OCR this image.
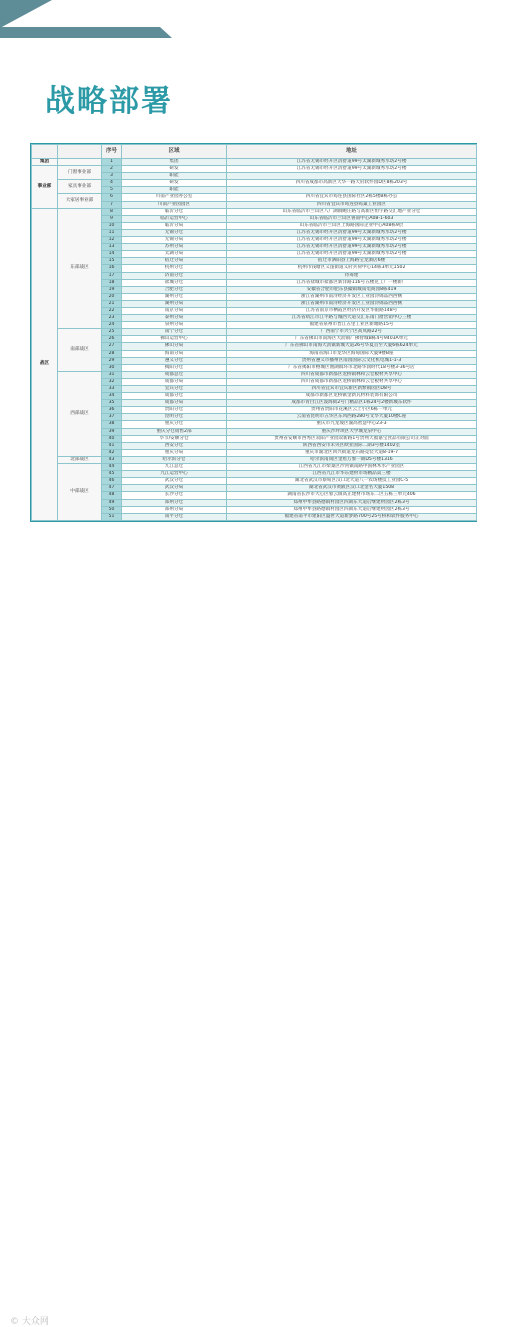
战略部署
		序号	区域	地址
集团		1	集团	江苏省无锡市经开区清舒道99号太湖新城秀水坊2号楼
事业部	门窗事业部	2	研发	江苏省无锡市经开区清舒道99号太湖新城秀水坊2号楼
		3	职能	
	家具事业部	4	研发	四川省成都市高新区天华一路天府软件园D区8栋203号
		5	职能	
	大家居事业部	6	川南产业园办公室	四川省宜宾市筠连县国际社区2栋5楼B栋办公
		7	川南产业园园区	四川省宜宾市筠连县筠巢工业园区
战区	东部战区	8	临沂分仓	山东省临沂市兰山区八厂湖镇鲍庄路与高新区恒宇路交汇地产业分仓
		9	临沂运营中心	山东省临沂市兰山区鲁南中心A08-1-603
		10	临沂分局	山东省临沂市兰山区上海路国际企业中心A08栋9层
		11	无锡分仓	江苏省无锡市经开区清舒道99号太湖新城秀水坊2号楼
		12	无锡分局	江苏省无锡市经开区清舒道99号太湖新城秀水坊2号楼
		13	苏州分局	江苏省无锡市经开区清舒道99号太湖新城秀水坊2号楼
		14	太湖分局	江苏省无锡市经开区清舒道99号太湖新城秀水坊2号楼
		15	宿迁分局	宿迁市泗阳县上海路宝龙酒店6楼
		16	杭州分仓	杭州市钱塘区义蓬街道义府兵荷中心14栋3单元1502
		17	济南分仓	待筹建
		18	盐城分仓	江苏省盐城市盐都区新洋路116号五楼克工厂一楼新厂
		19	合肥分仓	安徽省合肥市肥东县撮镇城南电商园8栋419
		20	湖州分仓	浙江省湖州市南浔经济开发区工业园浔锦品西西侧
		21	湖州分局	浙江省湖州市南浔经济开发区工业园浔锦品西西侧
		22	南京分局	江苏省南京市栖霞区经济开发区华银路148号
		23	泰州分局	江苏省靖江市江平路与城西大道交汇东雨门窗营销中心三楼
		24	泉州分局	福建省泉州市晋江五里工业区新塘路15号
	南部战区	25	南宁分仓	广西南宁市兴宁区高岚路22号
		26	佛山运营中心	广东省佛山市南海区大沥镇广佛智城B栋4号9403A单元
		27	佛山分局	广东省佛山市南海大沥镇新城大道26号华夏首至大厦6栋624单元
		28	海南分局	海南省海口市龙华区海甸国际大厦9楼B座
		29	遵义分仓	贵州省遵义市播州区南园国际云文化机电城1-1-3
		30	揭阳分仓	广东省揭阳市榕城区渔湖镇环市北路华润时代18号楼3-36号店
	西部战区	31	成都总仓	四川省成都市新都区龙桥镇林和云仓板材共享中心
		32	成都分局	四川省成都市新都区龙桥镇林和云仓板材共享中心
		33	宜宾分仓	四川省宜宾市宜宾新区新繁镇园区D8号
		34	成都分仓	成都市新都区龙桥镇金新瓦材料装饰有限公司
		35	成都分局	成都市青白江区泼海街2号门精品区1栋24号2楼新城东软件
		36	贵阳分仓	贵州省贵阳市花溪区云上小区6栋一单元
		37	昆明分仓	云南省昆明市五华区东风西路280号文华大厦10楼C座
		38	重庆分仓	重庆市九龙坡区渝高智慧中心23-3
		39	重庆分仓销售2部	重庆沙坪坝区大学城龙泉中心
		40	毕节/安顺分仓	贵州省安顺市西秀区双阳产业园双新路1号贵州天福嘉宝食品有限公司正对面
		41	西安分仓	陕西省西安市未央区欧亚国际二期3号楼1402室
		42	重庆分局	重庆市渝北区回兴街道龙石路竞装大道8-19-7
	北部战区	43	哈尔滨分仓	哈尔滨南岗区金盾万象一期D5号楼1316
	中部战区	44	九江总仓	江西省九江市柴桑区沙河镇南路中国林木水产业园区
		45	九江运营中心	江西省九江市华东建材市场精品第三楼
		46	武汉分仓	湖北省武汉市蔡甸区汉口北大道八一农场楼技工业园C-5
		47	武汉分局	湖北省武汉市黄陂区汉口北金名大厦1508
		48	长沙分仓	湖南省长沙市大心区蓉云镇高正建材市场东二区五栋三单元406
		49	郑州分仓	郑州中牟县路德镇村园区四期东大道后继建材园区2栋3号
		50	郑州分局	郑州中牟县路德镇村园区四期东大道后继建材园区2栋3号
		51	南平分仓	福建省南平市建阳区盛世大道新梦路700号25号桥和软件服务中心
© 大众网
